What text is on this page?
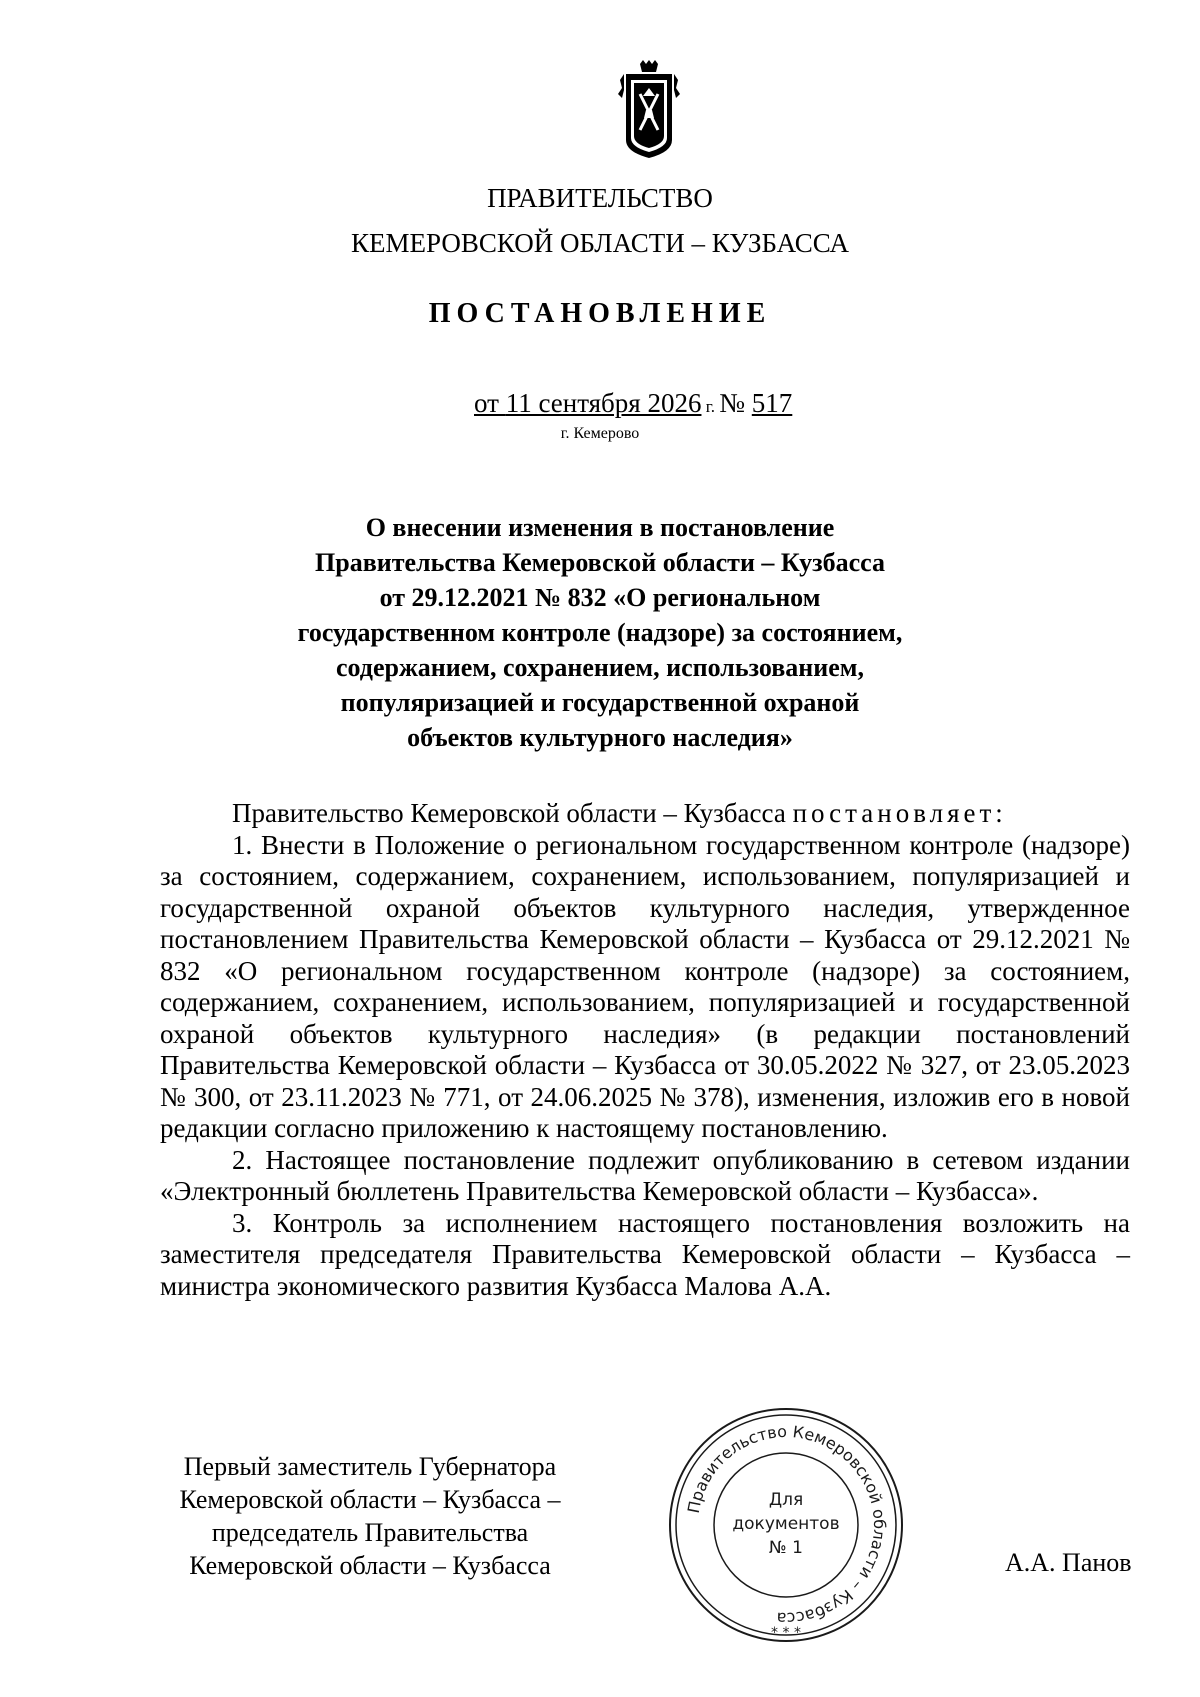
ПРАВИТЕЛЬСТВО
КЕМЕРОВСКОЙ ОБЛАСТИ – КУЗБАССА
ПОСТАНОВЛЕНИЕ
от 11 сентября 2026 г. № 517
г. Кемерово
О внесении изменения в постановление
Правительства Кемеровской области – Кузбасса
от 29.12.2021 № 832 «О региональном
государственном контроле (надзоре) за состоянием,
содержанием, сохранением, использованием,
популяризацией и государственной охраной
объектов культурного наследия»

Правительство Кемеровской области – Кузбасса постановляет:

1. Внести в Положение о региональном государственном контроле (надзоре) за состоянием, содержанием, сохранением, использованием, популяризацией и государственной охраной объектов культурного наследия, утвержденное постановлением Правительства Кемеровской области – Кузбасса от 29.12.2021 № 832 «О региональном государственном контроле (надзоре) за состоянием, содержанием, сохранением, использованием, популяризацией и государственной охраной объектов культурного наследия» (в редакции постановлений Правительства Кемеровской области – Кузбасса от 30.05.2022 № 327, от 23.05.2023 № 300, от 23.11.2023 № 771, от 24.06.2025 № 378), изменения, изложив его в новой редакции согласно приложению к настоящему постановлению.

2. Настоящее постановление подлежит опубликованию в сетевом издании «Электронный бюллетень Правительства Кемеровской области – Кузбасса».

3. Контроль за исполнением настоящего постановления возложить на заместителя председателя Правительства Кемеровской области – Кузбасса – министра экономического развития Кузбасса Малова А.А.

Первый заместитель Губернатора
Кемеровской области – Кузбасса –
председатель Правительства
Кемеровской области – Кузбасса	А.А. Панов
Правительство Кемеровской области – Кузбасса
* * *
Для
документов
№ 1
